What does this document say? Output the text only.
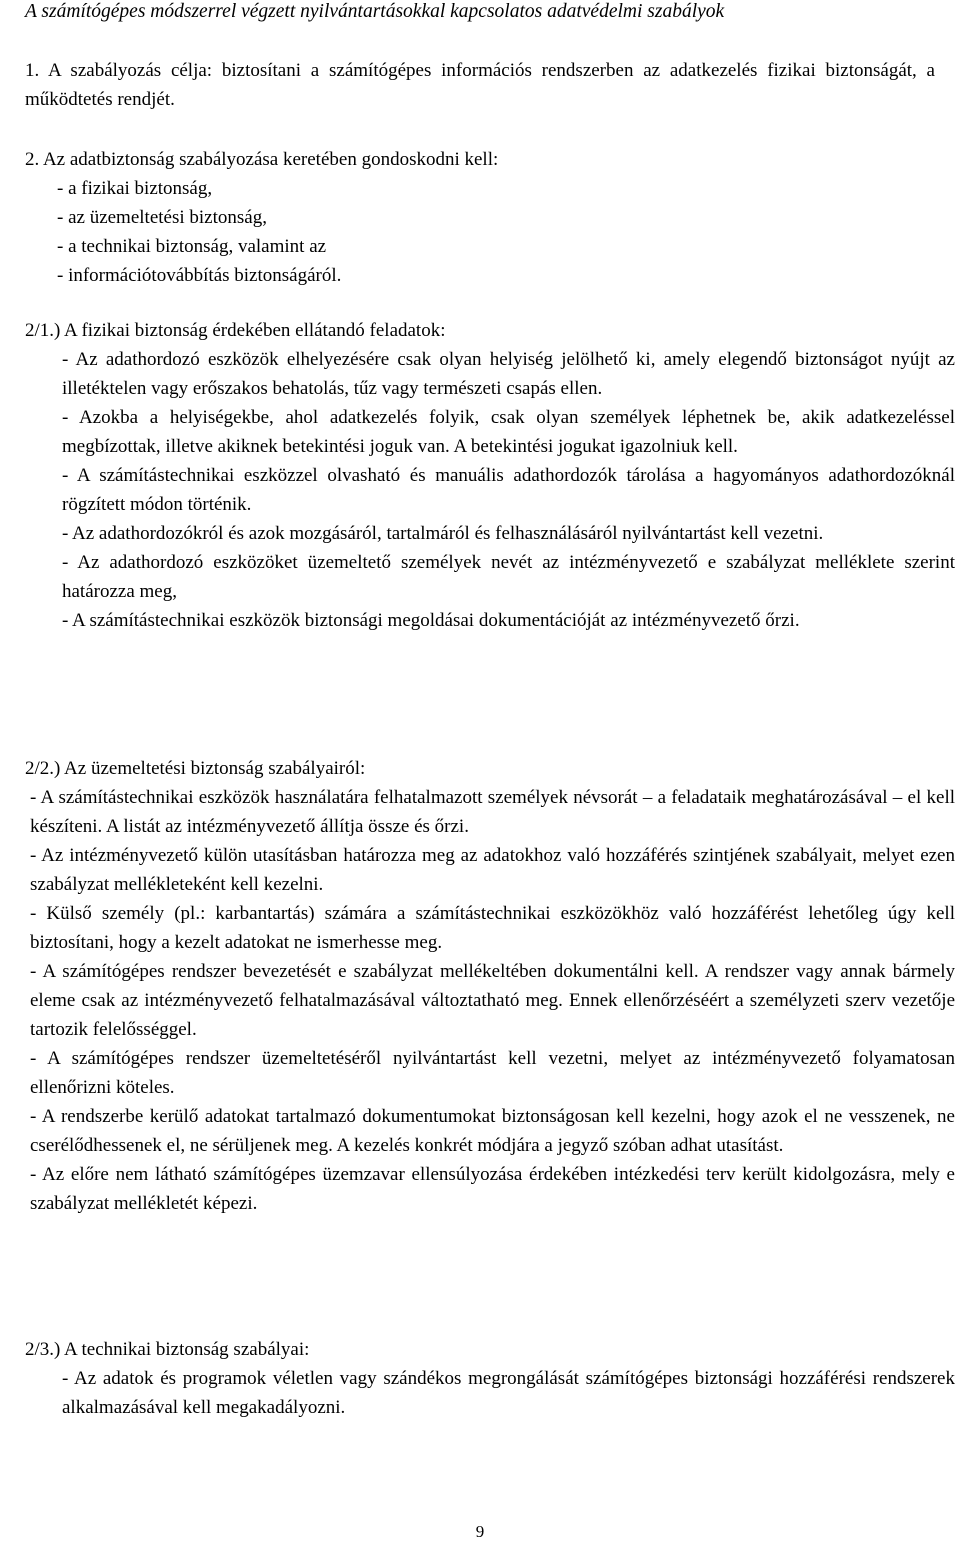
A számítógépes módszerrel végzett nyilvántartásokkal kapcsolatos adatvédelmi szabályok

1. A szabályozás célja: biztosítani a számítógépes információs rendszerben az adatkezelés fizikai biztonságát, a működtetés rendjét.

2. Az adatbiztonság szabályozása keretében gondoskodni kell:
- a fizikai biztonság,
- az üzemeltetési biztonság,
- a technikai biztonság, valamint az
- információtovábbítás biztonságáról.
2/1.) A fizikai biztonság érdekében ellátandó feladatok:
- Az adathordozó eszközök elhelyezésére csak olyan helyiség jelölhető ki, amely elegendő biztonságot nyújt az illetéktelen vagy erőszakos behatolás, tűz vagy természeti csapás ellen.
- Azokba a helyiségekbe, ahol adatkezelés folyik, csak olyan személyek léphetnek be, akik adatkezeléssel megbízottak, illetve akiknek betekintési joguk van. A betekintési jogukat igazolniuk kell.
- A számítástechnikai eszközzel olvasható és manuális adathordozók tárolása a hagyományos adathordozóknál rögzített módon történik.
- Az adathordozókról és azok mozgásáról, tartalmáról és felhasználásáról nyilvántartást kell vezetni.
- Az adathordozó eszközöket üzemeltető személyek nevét az intézményvezető e szabályzat melléklete szerint határozza meg,
- A számítástechnikai eszközök biztonsági megoldásai dokumentációját az intézményvezető őrzi.
2/2.) Az üzemeltetési biztonság szabályairól:
- A számítástechnikai eszközök használatára felhatalmazott személyek névsorát – a feladataik meghatározásával – el kell készíteni. A listát az intézményvezető állítja össze és őrzi.
- Az intézményvezető külön utasításban határozza meg az adatokhoz való hozzáférés szintjének szabályait, melyet ezen szabályzat mellékleteként kell kezelni.
- Külső személy (pl.: karbantartás) számára a számítástechnikai eszközökhöz való hozzáférést lehetőleg úgy kell biztosítani, hogy a kezelt adatokat ne ismerhesse meg.
- A számítógépes rendszer bevezetését e szabályzat mellékeltében dokumentálni kell. A rendszer vagy annak bármely eleme csak az intézményvezető felhatalmazásával változtatható meg. Ennek ellenőrzéséért a személyzeti szerv vezetője tartozik felelősséggel.
- A számítógépes rendszer üzemeltetéséről nyilvántartást kell vezetni, melyet az intézményvezető folyamatosan ellenőrizni köteles.
- A rendszerbe kerülő adatokat tartalmazó dokumentumokat biztonságosan kell kezelni, hogy azok el ne vesszenek, ne cserélődhessenek el, ne sérüljenek meg. A kezelés konkrét módjára a jegyző szóban adhat utasítást.
- Az előre nem látható számítógépes üzemzavar ellensúlyozása érdekében intézkedési terv került kidolgozásra, mely e szabályzat mellékletét képezi.
2/3.) A technikai biztonság szabályai:
- Az adatok és programok véletlen vagy szándékos megrongálását számítógépes biztonsági hozzáférési rendszerek alkalmazásával kell megakadályozni.
9
